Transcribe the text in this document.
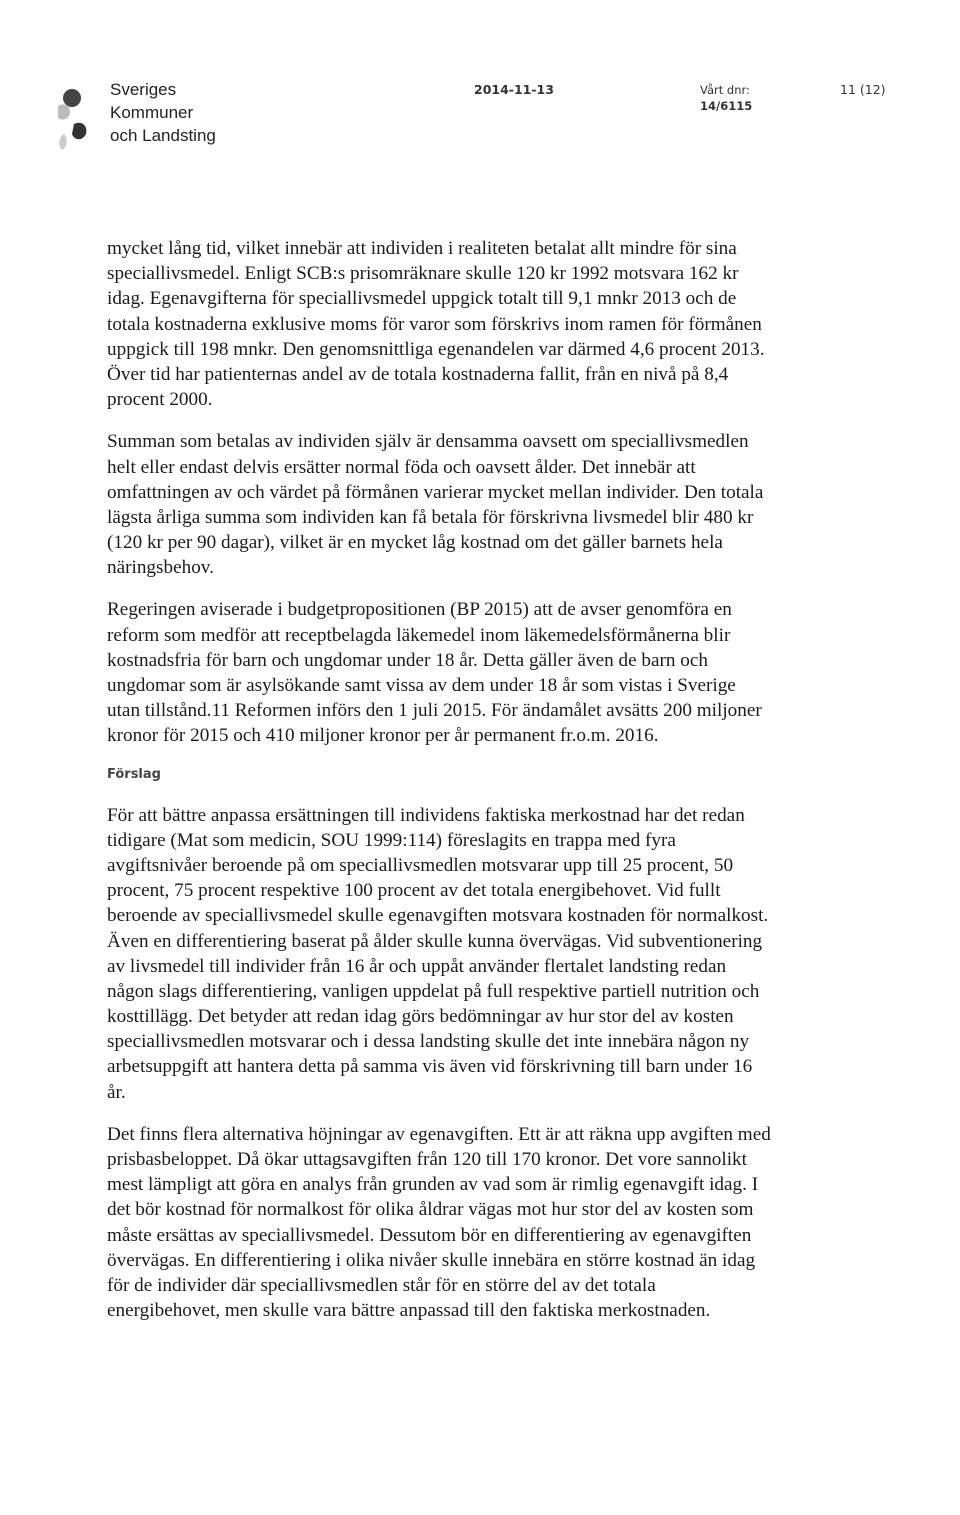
Sveriges
Kommuner
och Landsting
2014-11-13	Vårt dnr:
14/6115
11 (12)
mycket lång tid, vilket innebär att individen i realiteten betalat allt mindre för sina
speciallivsmedel. Enligt SCB:s prisomräknare skulle 120 kr 1992 motsvara 162 kr
idag. Egenavgifterna för speciallivsmedel uppgick totalt till 9,1 mnkr 2013 och de
totala kostnaderna exklusive moms för varor som förskrivs inom ramen för förmånen
uppgick till 198 mnkr. Den genomsnittliga egenandelen var därmed 4,6 procent 2013.
Över tid har patienternas andel av de totala kostnaderna fallit, från en nivå på 8,4
procent 2000.
Summan som betalas av individen själv är densamma oavsett om speciallivsmedlen
helt eller endast delvis ersätter normal föda och oavsett ålder. Det innebär att
omfattningen av och värdet på förmånen varierar mycket mellan individer. Den totala
lägsta årliga summa som individen kan få betala för förskrivna livsmedel blir 480 kr
(120 kr per 90 dagar), vilket är en mycket låg kostnad om det gäller barnets hela
näringsbehov.
Regeringen aviserade i budgetpropositionen (BP 2015) att de avser genomföra en
reform som medför att receptbelagda läkemedel inom läkemedelsförmånerna blir
kostnadsfria för barn och ungdomar under 18 år. Detta gäller även de barn och
ungdomar som är asylsökande samt vissa av dem under 18 år som vistas i Sverige
utan tillstånd.11 Reformen införs den 1 juli 2015. För ändamålet avsätts 200 miljoner
kronor för 2015 och 410 miljoner kronor per år permanent fr.o.m. 2016.
Förslag
För att bättre anpassa ersättningen till individens faktiska merkostnad har det redan
tidigare (Mat som medicin, SOU 1999:114) föreslagits en trappa med fyra
avgiftsnivåer beroende på om speciallivsmedlen motsvarar upp till 25 procent, 50
procent, 75 procent respektive 100 procent av det totala energibehovet. Vid fullt
beroende av speciallivsmedel skulle egenavgiften motsvara kostnaden för normalkost.
Även en differentiering baserat på ålder skulle kunna övervägas. Vid subventionering
av livsmedel till individer från 16 år och uppåt använder flertalet landsting redan
någon slags differentiering, vanligen uppdelat på full respektive partiell nutrition och
kosttillägg. Det betyder att redan idag görs bedömningar av hur stor del av kosten
speciallivsmedlen motsvarar och i dessa landsting skulle det inte innebära någon ny
arbetsuppgift att hantera detta på samma vis även vid förskrivning till barn under 16
år.
Det finns flera alternativa höjningar av egenavgiften. Ett är att räkna upp avgiften med
prisbasbeloppet. Då ökar uttagsavgiften från 120 till 170 kronor. Det vore sannolikt
mest lämpligt att göra en analys från grunden av vad som är rimlig egenavgift idag. I
det bör kostnad för normalkost för olika åldrar vägas mot hur stor del av kosten som
måste ersättas av speciallivsmedel. Dessutom bör en differentiering av egenavgiften
övervägas. En differentiering i olika nivåer skulle innebära en större kostnad än idag
för de individer där speciallivsmedlen står för en större del av det totala
energibehovet, men skulle vara bättre anpassad till den faktiska merkostnaden.
